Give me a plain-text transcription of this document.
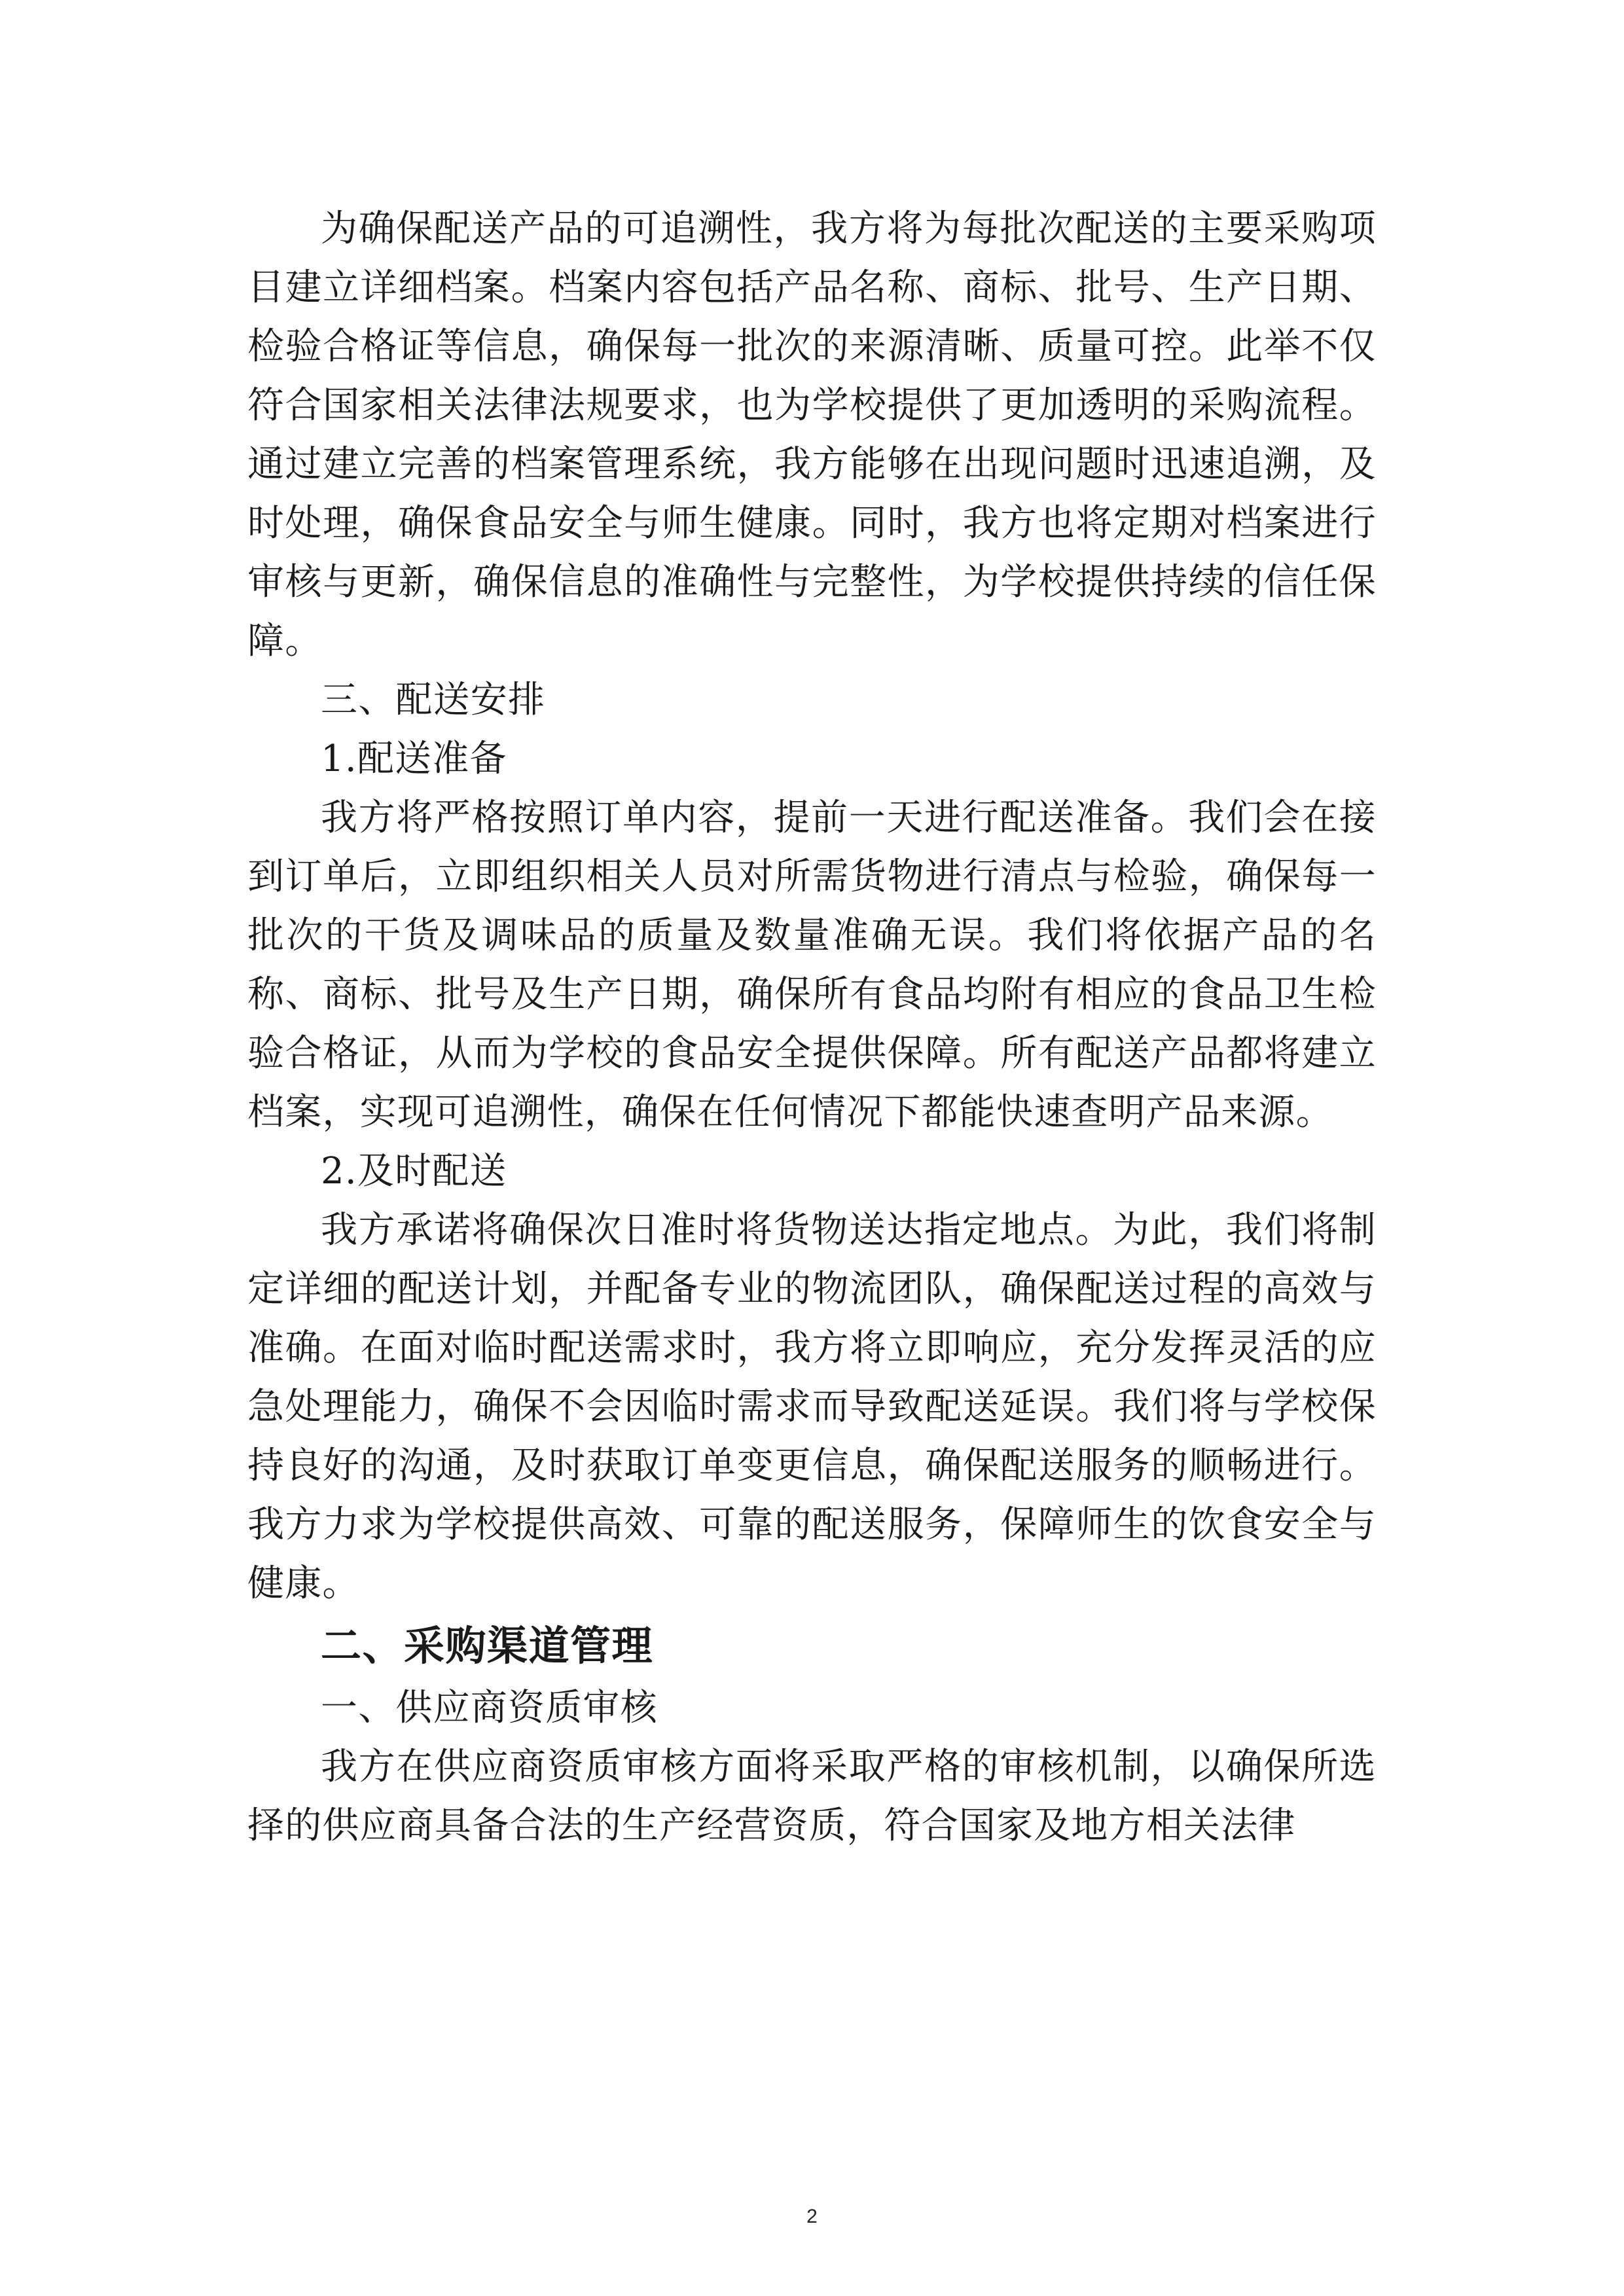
为确保配送产品的可追溯性，我方将为每批次配送的主要采购项目建立详细档案。档案内容包括产品名称、商标、批号、生产日期、检验合格证等信息，确保每一批次的来源清晰、质量可控。此举不仅符合国家相关法律法规要求，也为学校提供了更加透明的采购流程。通过建立完善的档案管理系统，我方能够在出现问题时迅速追溯，及时处理，确保食品安全与师生健康。同时，我方也将定期对档案进行审核与更新，确保信息的准确性与完整性，为学校提供持续的信任保障。

三、配送安排

1.配送准备

我方将严格按照订单内容，提前一天进行配送准备。我们会在接到订单后，立即组织相关人员对所需货物进行清点与检验，确保每一批次的干货及调味品的质量及数量准确无误。我们将依据产品的名称、商标、批号及生产日期，确保所有食品均附有相应的食品卫生检验合格证，从而为学校的食品安全提供保障。所有配送产品都将建立档案，实现可追溯性，确保在任何情况下都能快速查明产品来源。

2.及时配送

我方承诺将确保次日准时将货物送达指定地点。为此，我们将制定详细的配送计划，并配备专业的物流团队，确保配送过程的高效与准确。在面对临时配送需求时，我方将立即响应，充分发挥灵活的应急处理能力，确保不会因临时需求而导致配送延误。我们将与学校保持良好的沟通，及时获取订单变更信息，确保配送服务的顺畅进行。我方力求为学校提供高效、可靠的配送服务，保障师生的饮食安全与健康。

二、采购渠道管理

一、供应商资质审核

我方在供应商资质审核方面将采取严格的审核机制，以确保所选择的供应商具备合法的生产经营资质，符合国家及地方相关法律

2
